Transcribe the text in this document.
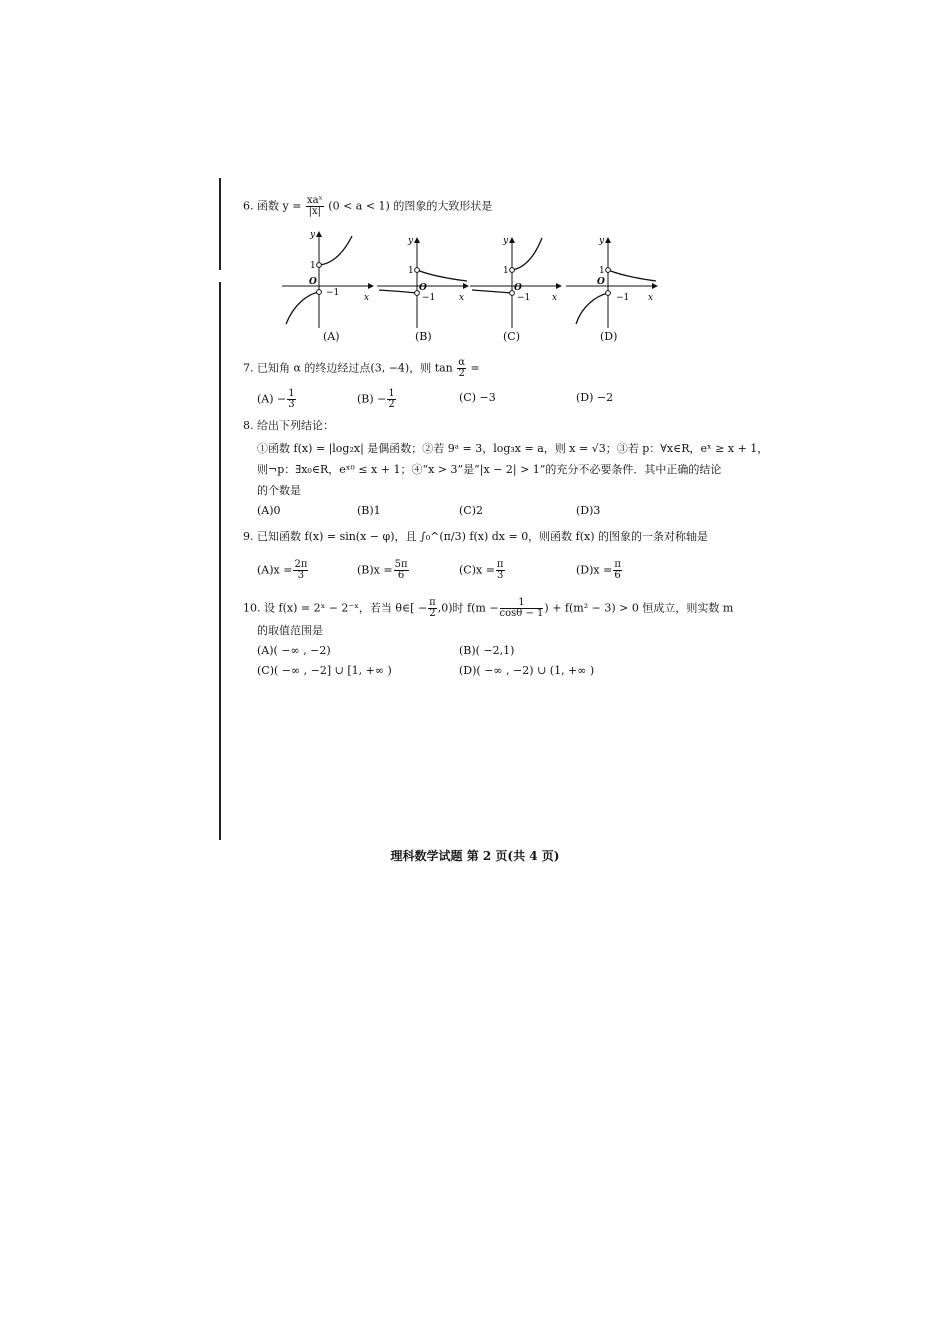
6. 函数 $y = \frac{\text{xaˣ}}{|x|} (0 < a < 1)$ 的图象的大致形状是
y
x
1
O
−1
y
x
1
O
−1
y
x
1
O
−1
y
x
1
O
−1
(A)	(B)	(C)	(D)
7. 已知角 α 的终边经过点(3, −4)，则 $\tan \frac{\alpha}{2}$ =
$(A) - \frac{1}{3}$	$(B) - \frac{1}{2}$	(C) −3	(D) −2
8. 给出下列结论：
①函数 f(x) = |log₂x| 是偶函数；②若 9ᵃ = 3，log₃x = a，则 x = √3；③若 p：∀x∈R，eˣ ≥ x + 1，
则¬p：∃x₀∈R，eˣ⁰ ≤ x + 1；④“x > 3”是“|x − 2| > 1”的充分不必要条件．其中正确的结论
的个数是
(A)0	(B)1	(C)2	(D)3
9. 已知函数 f(x) = sin(x − φ)，且 ∫₀^(π/3) f(x) dx = 0，则函数 f(x) 的图象的一条对称轴是
$(A)x = \frac{2\pi}{3}$	$(B)x = \frac{5\pi}{6}$	$(C)x = \frac{\pi}{3}$	$(D)x = \frac{\pi}{6}$
10. 设 f(x) = 2ˣ − 2⁻ˣ，若当 θ∈[ − $\frac{\pi}{2} ,0$)时 $f(m - \frac{1}{\cos\theta - 1}$ ) + f(m² − 3) > 0 恒成立，则实数 m
的取值范围是
(A)( −∞ , −2)	(B)( −2,1)
(C)( −∞ , −2] ∪ [1, +∞ )	(D)( −∞ , −2) ∪ (1, +∞ )
理科数学试题 第 2 页(共 4 页)
